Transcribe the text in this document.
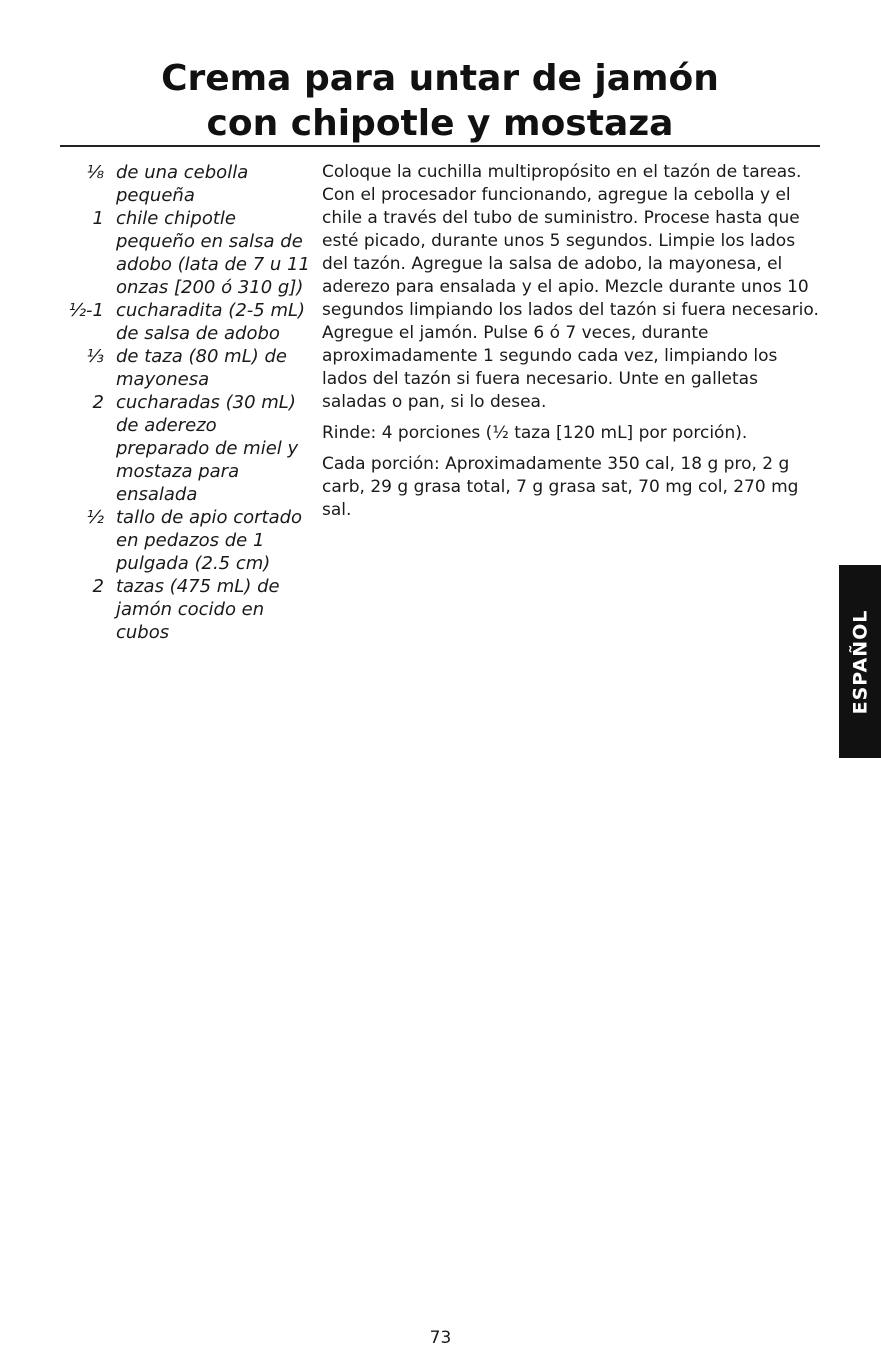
Crema para untar de jamón
con chipotle y mostaza
⅛ de una cebolla pequeña
1 chile chipotle pequeño en salsa de adobo (lata de 7 u 11 onzas [200 ó 310 g])
½-1 cucharadita (2-5 mL) de salsa de adobo
⅓ de taza (80 mL) de mayonesa
2 cucharadas (30 mL) de aderezo preparado de miel y mostaza para ensalada
½ tallo de apio cortado en pedazos de 1 pulgada (2.5 cm)
2 tazas (475 mL) de jamón cocido en cubos

Coloque la cuchilla multipropósito en el tazón de tareas. Con el procesador funcionando, agregue la cebolla y el chile a través del tubo de suministro. Procese hasta que esté picado, durante unos 5 segundos. Limpie los lados del tazón. Agregue la salsa de adobo, la mayonesa, el aderezo para ensalada y el apio. Mezcle durante unos 10 segundos limpiando los lados del tazón si fuera necesario. Agregue el jamón. Pulse 6 ó 7 veces, durante aproximadamente 1 segundo cada vez, limpiando los lados del tazón si fuera necesario. Unte en galletas saladas o pan, si lo desea.

Rinde: 4 porciones (½ taza [120 mL] por porción).

Cada porción: Aproximadamente 350 cal, 18 g pro, 2 g carb, 29 g grasa total, 7 g grasa sat, 70 mg col, 270 mg sal.

ESPAÑOL
73
